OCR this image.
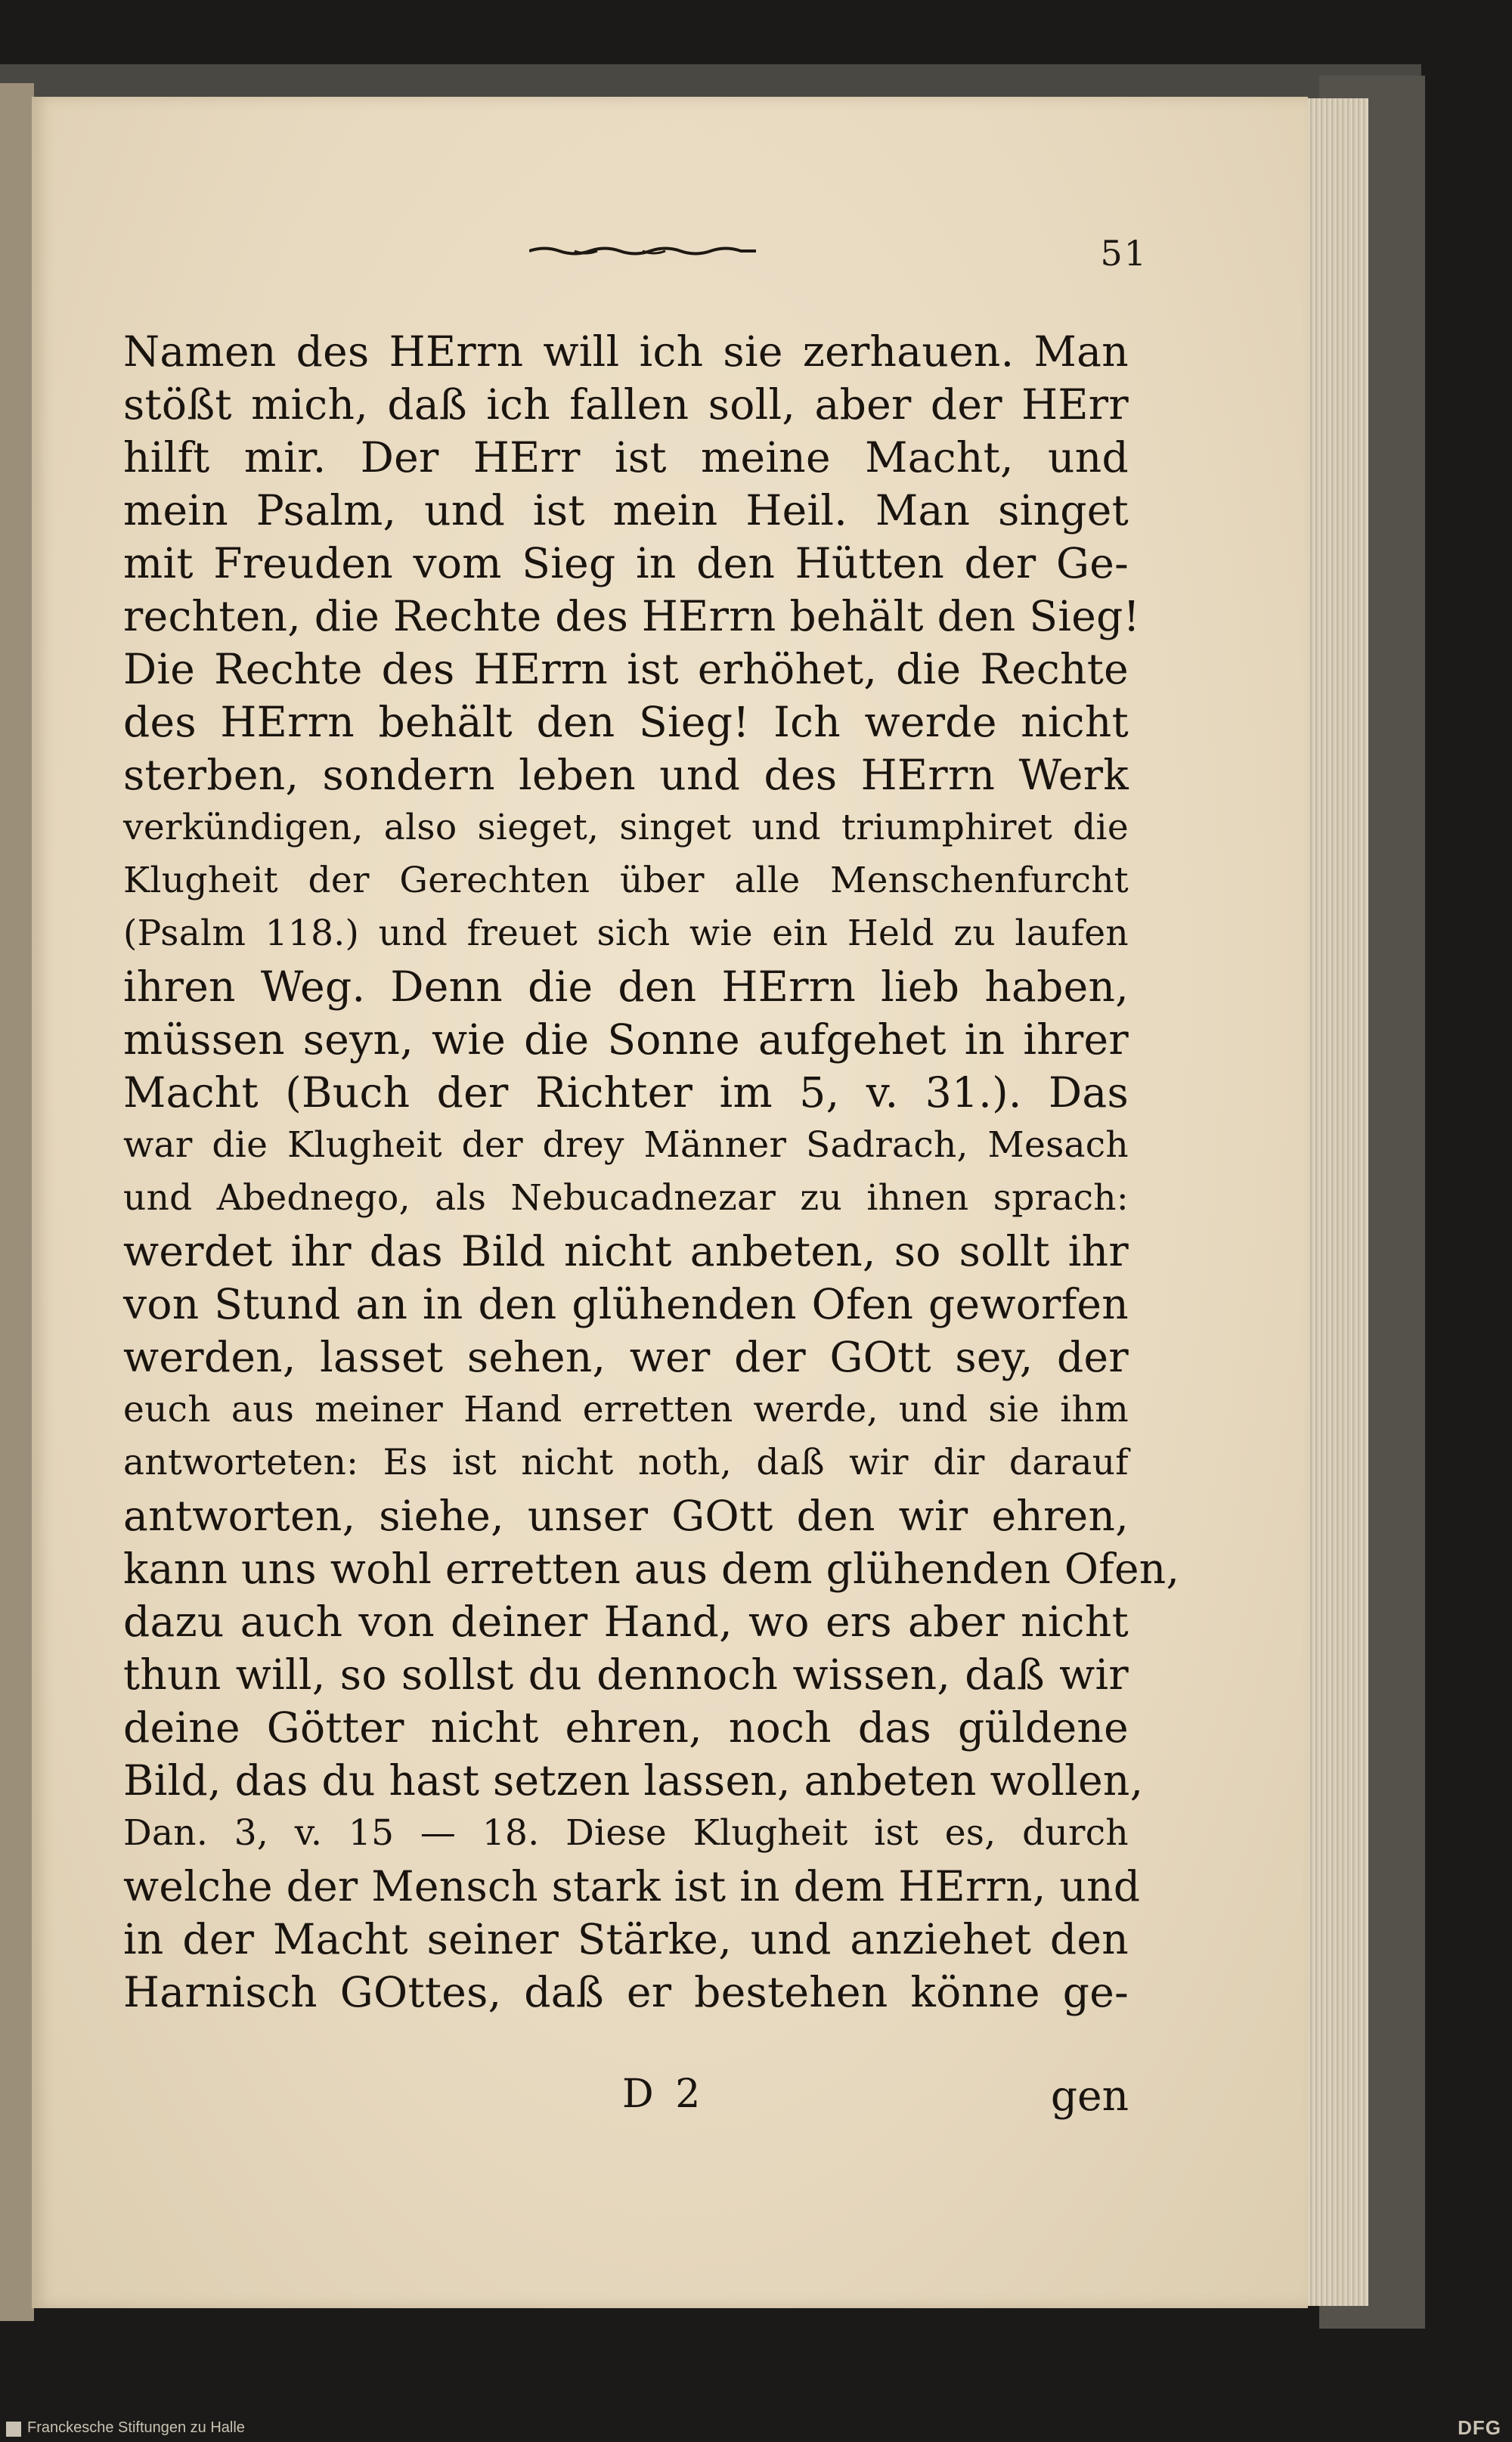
51
Namen des HErrn will ich sie zerhauen. Man
stößt mich, daß ich fallen soll, aber der HErr
hilft mir. Der HErr ist meine Macht, und
mein Psalm, und ist mein Heil. Man singet
mit Freuden vom Sieg in den Hütten der Ge-
rechten, die Rechte des HErrn behält den Sieg!
Die Rechte des HErrn ist erhöhet, die Rechte
des HErrn behält den Sieg! Ich werde nicht
sterben, sondern leben und des HErrn Werk
verkündigen, also sieget, singet und triumphiret die
Klugheit der Gerechten über alle Menschenfurcht
(Psalm 118.) und freuet sich wie ein Held zu laufen
ihren Weg. Denn die den HErrn lieb haben,
müssen seyn, wie die Sonne aufgehet in ihrer
Macht (Buch der Richter im 5, v. 31.). Das
war die Klugheit der drey Männer Sadrach, Mesach
und Abednego, als Nebucadnezar zu ihnen sprach:
werdet ihr das Bild nicht anbeten, so sollt ihr
von Stund an in den glühenden Ofen geworfen
werden, lasset sehen, wer der GOtt sey, der
euch aus meiner Hand erretten werde, und sie ihm
antworteten: Es ist nicht noth, daß wir dir darauf
antworten, siehe, unser GOtt den wir ehren,
kann uns wohl erretten aus dem glühenden Ofen,
dazu auch von deiner Hand, wo ers aber nicht
thun will, so sollst du dennoch wissen, daß wir
deine Götter nicht ehren, noch das güldene
Bild, das du hast setzen lassen, anbeten wollen,
Dan. 3, v. 15 — 18. Diese Klugheit ist es, durch
welche der Mensch stark ist in dem HErrn, und
in der Macht seiner Stärke, und anziehet den
Harnisch GOttes, daß er bestehen könne ge-
D 2	gen
Franckesche Stiftungen zu Halle	DFG
